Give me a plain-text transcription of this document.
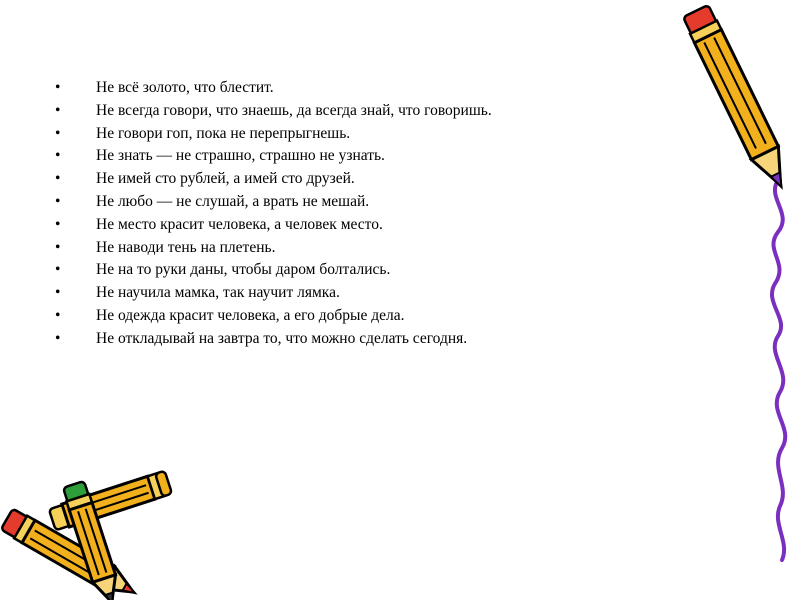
• Не всё золото, что блестит.
• Не всегда говори, что знаешь, да всегда знай, что говоришь.
• Не говори гоп, пока не перепрыгнешь.
• Не знать — не страшно, страшно не узнать.
• Не имей сто рублей, а имей сто друзей.
• Не любо — не слушай, а врать не мешай.
• Не место красит человека, а человек место.
• Не наводи тень на плетень.
• Не на то руки даны, чтобы даром болтались.
• Не научила мамка, так научит лямка.
• Не одежда красит человека, а его добрые дела.
• Не откладывай на завтра то, что можно сделать сегодня.
